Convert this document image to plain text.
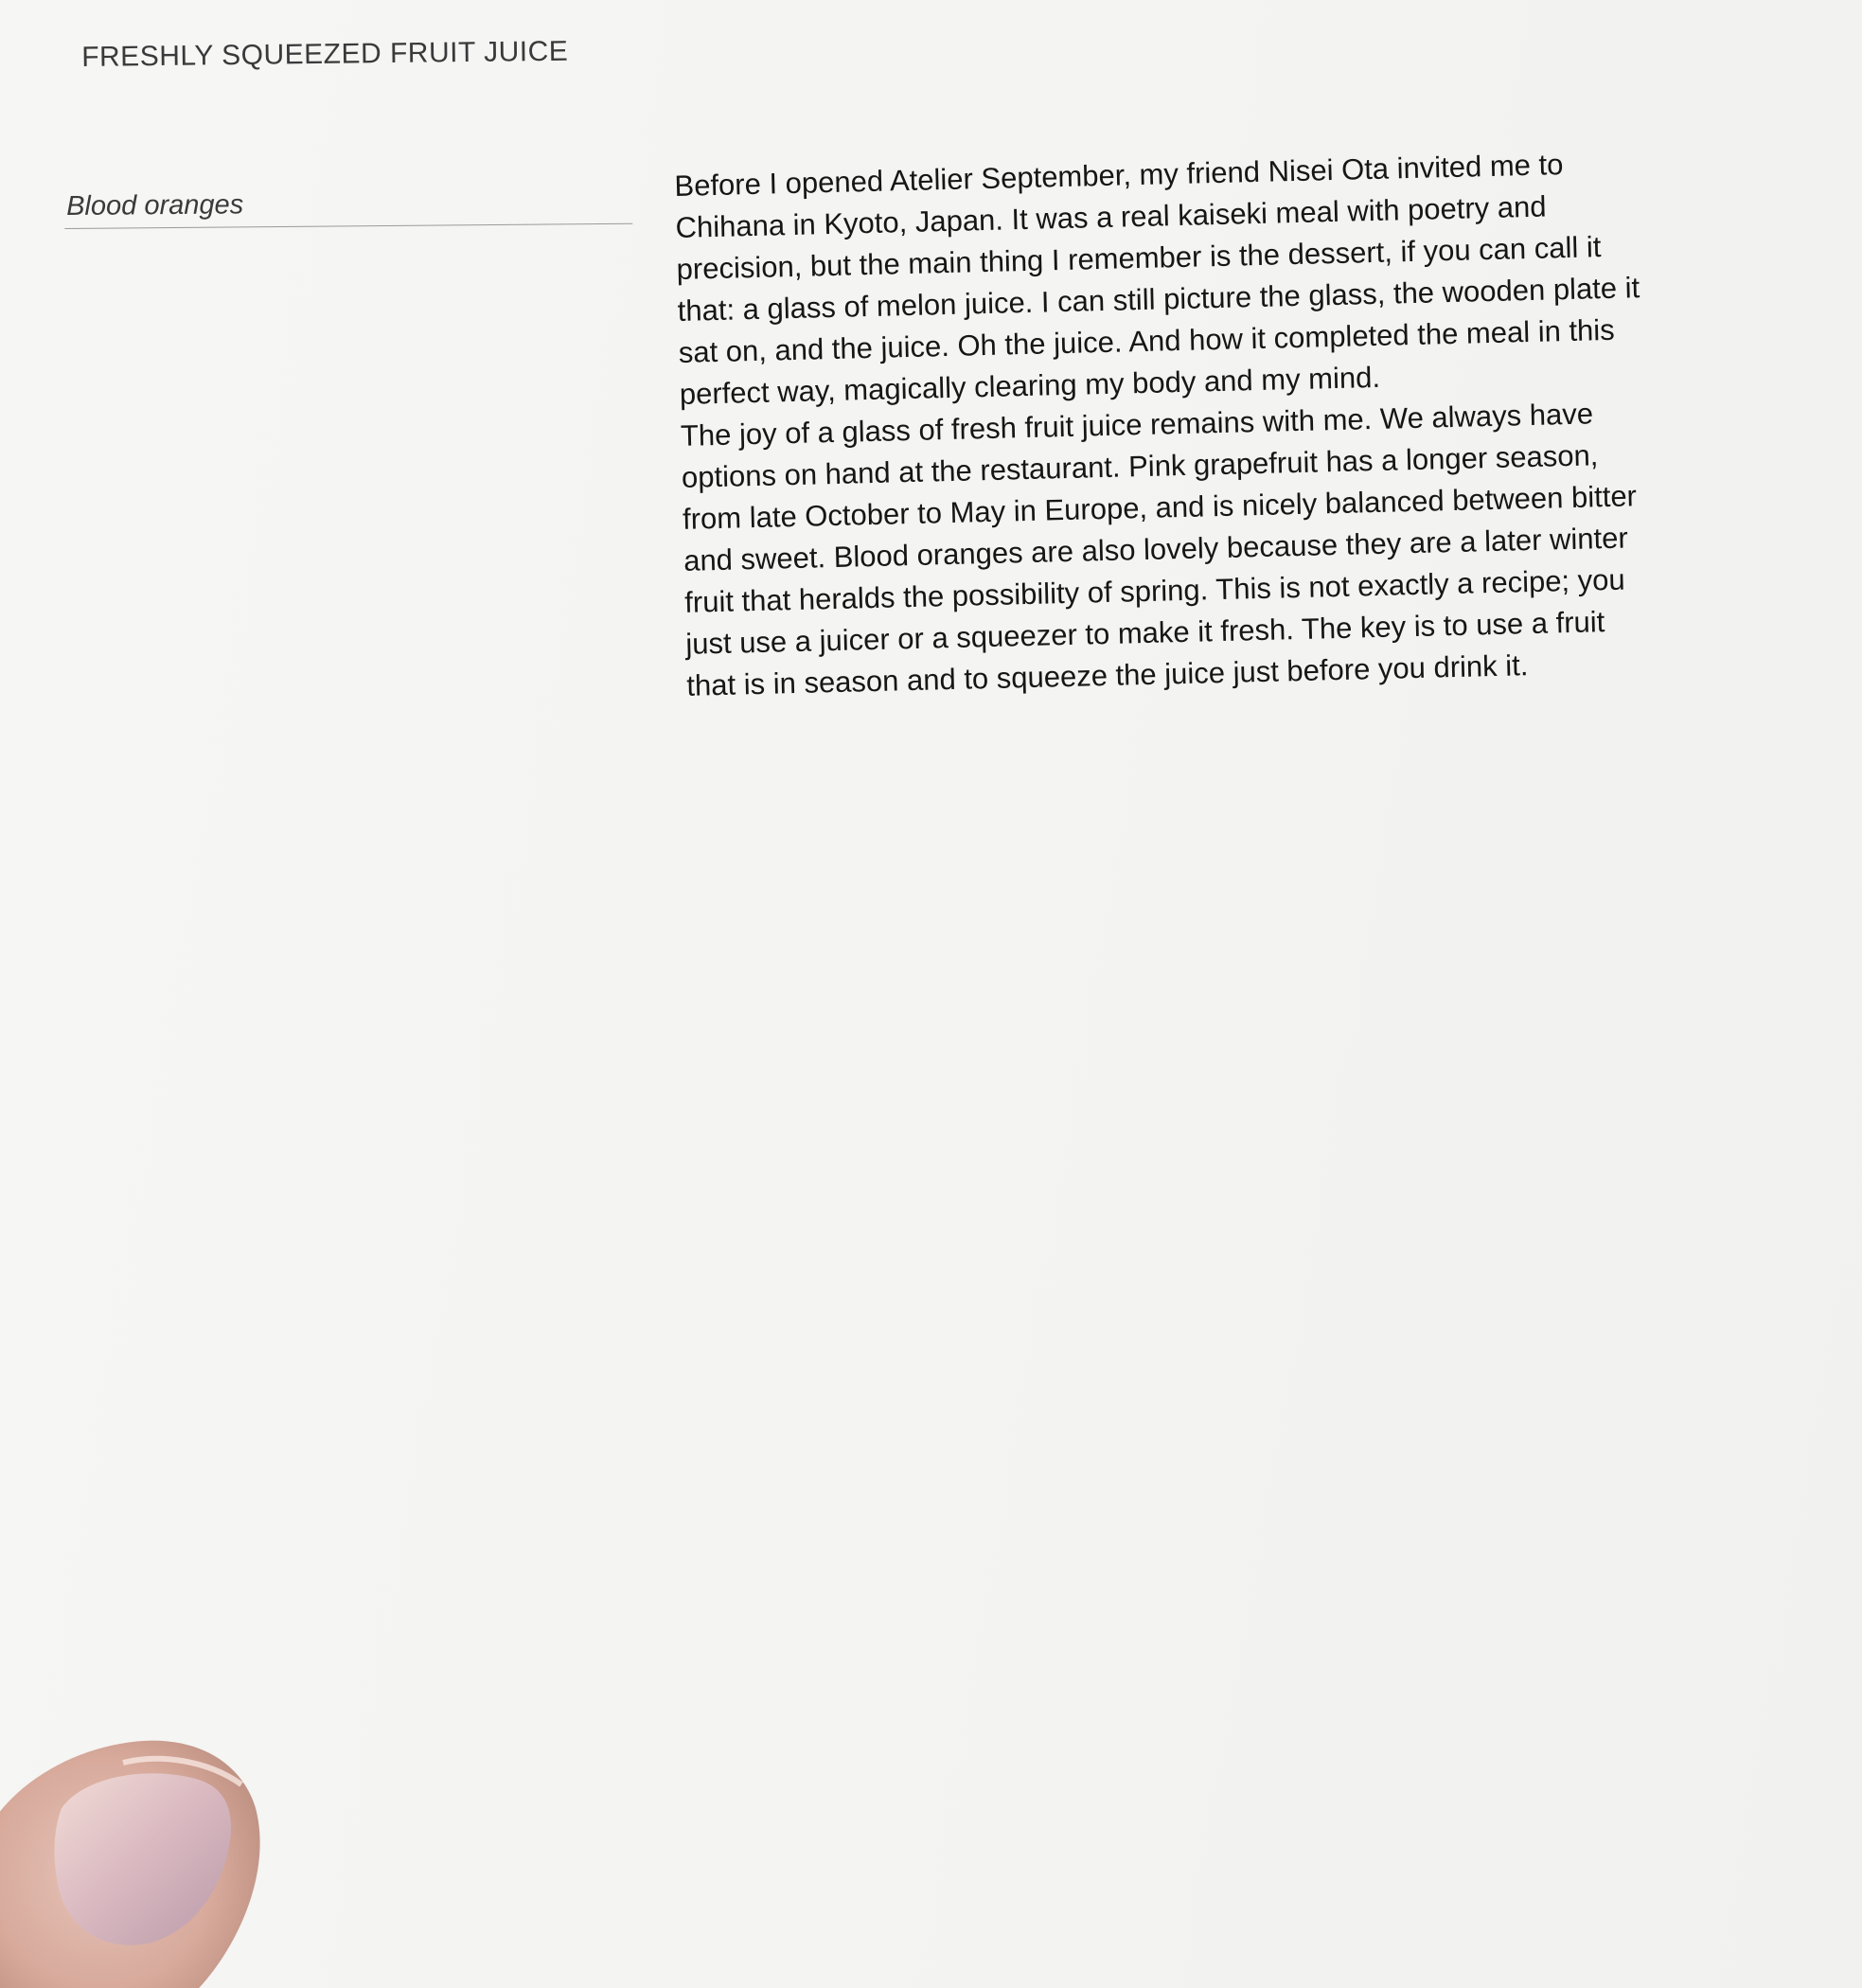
FRESHLY SQUEEZED FRUIT JUICE
Blood oranges

Before I opened Atelier September, my friend Nisei Ota invited me to Chihana in Kyoto, Japan. It was a real kaiseki meal with poetry and precision, but the main thing I remember is the dessert, if you can call it that: a glass of melon juice. I can still picture the glass, the wooden plate it sat on, and the juice. Oh the juice. And how it completed the meal in this perfect way, magically clearing my body and my mind.

The joy of a glass of fresh fruit juice remains with me. We always have options on hand at the restaurant. Pink grapefruit has a longer season, from late October to May in Europe, and is nicely balanced between bitter and sweet. Blood oranges are also lovely because they are a later winter fruit that heralds the possibility of spring. This is not exactly a recipe; you just use a juicer or a squeezer to make it fresh. The key is to use a fruit that is in season and to squeeze the juice just before you drink it.
